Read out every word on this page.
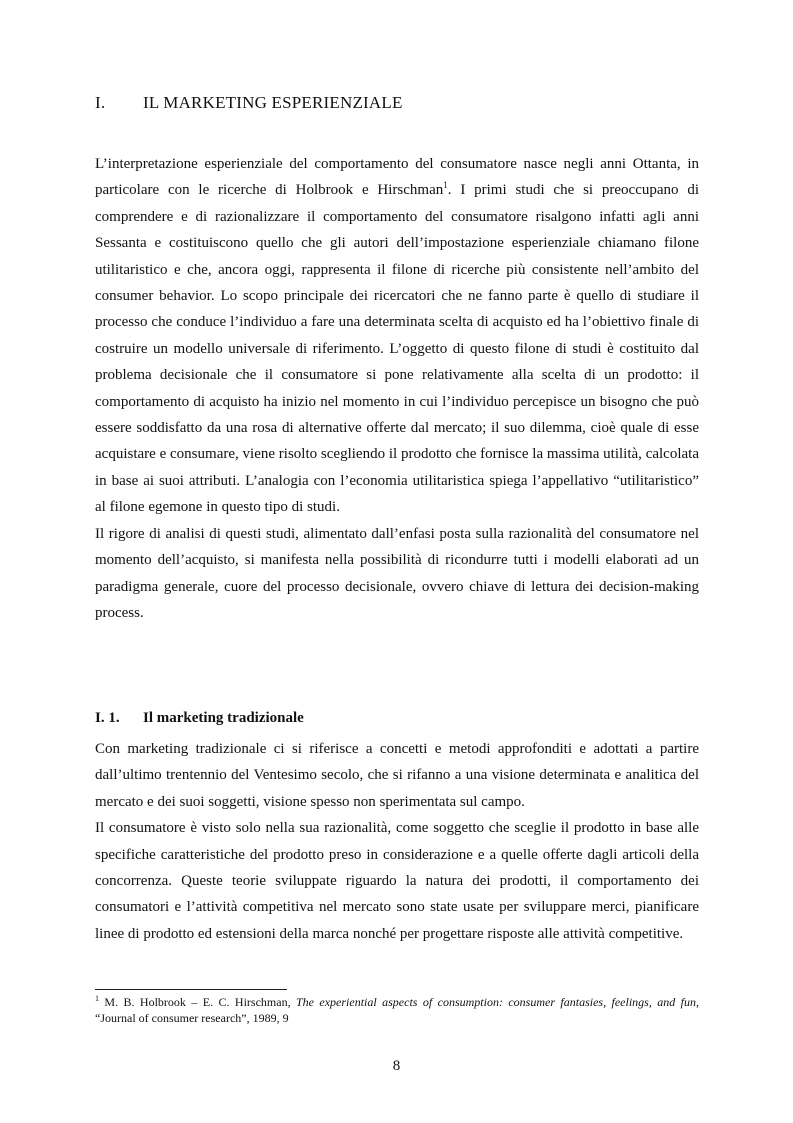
I. IL MARKETING ESPERIENZIALE

L’interpretazione esperienziale del comportamento del consumatore nasce negli anni Ottanta, in particolare con le ricerche di Holbrook e Hirschman$^1$. I primi studi che si preoccupano di comprendere e di razionalizzare il comportamento del consumatore risalgono infatti agli anni Sessanta e costituiscono quello che gli autori dell’impostazione esperienziale chiamano filone utilitaristico e che, ancora oggi, rappresenta il filone di ricerche più consistente nell’ambito del consumer behavior. Lo scopo principale dei ricercatori che ne fanno parte è quello di studiare il processo che conduce l’individuo a fare una determinata scelta di acquisto ed ha l’obiettivo finale di costruire un modello universale di riferimento. L’oggetto di questo filone di studi è costituito dal problema decisionale che il consumatore si pone relativamente alla scelta di un prodotto: il comportamento di acquisto ha inizio nel momento in cui l’individuo percepisce un bisogno che può essere soddisfatto da una rosa di alternative offerte dal mercato; il suo dilemma, cioè quale di esse acquistare e consumare, viene risolto scegliendo il prodotto che fornisce la massima utilità, calcolata in base ai suoi attributi. L’analogia con l’economia utilitaristica spiega l’appellativo “utilitaristico” al filone egemone in questo tipo di studi.

Il rigore di analisi di questi studi, alimentato dall’enfasi posta sulla razionalità del consumatore nel momento dell’acquisto, si manifesta nella possibilità di ricondurre tutti i modelli elaborati ad un paradigma generale, cuore del processo decisionale, ovvero chiave di lettura dei decision-making process.

I. 1. Il marketing tradizionale

Con marketing tradizionale ci si riferisce a concetti e metodi approfonditi e adottati a partire dall’ultimo trentennio del Ventesimo secolo, che si rifanno a una visione determinata e analitica del mercato e dei suoi soggetti, visione spesso non sperimentata sul campo.

Il consumatore è visto solo nella sua razionalità, come soggetto che sceglie il prodotto in base alle specifiche caratteristiche del prodotto preso in considerazione e a quelle offerte dagli articoli della concorrenza. Queste teorie sviluppate riguardo la natura dei prodotti, il comportamento dei consumatori e l’attività competitiva nel mercato sono state usate per sviluppare merci, pianificare linee di prodotto ed estensioni della marca nonché per progettare risposte alle attività competitive.

$^1$ M. B. Holbrook – E. C. Hirschman, The experiential aspects of consumption: consumer fantasies, feelings, and fun, “Journal of consumer research”, 1989, 9
8
